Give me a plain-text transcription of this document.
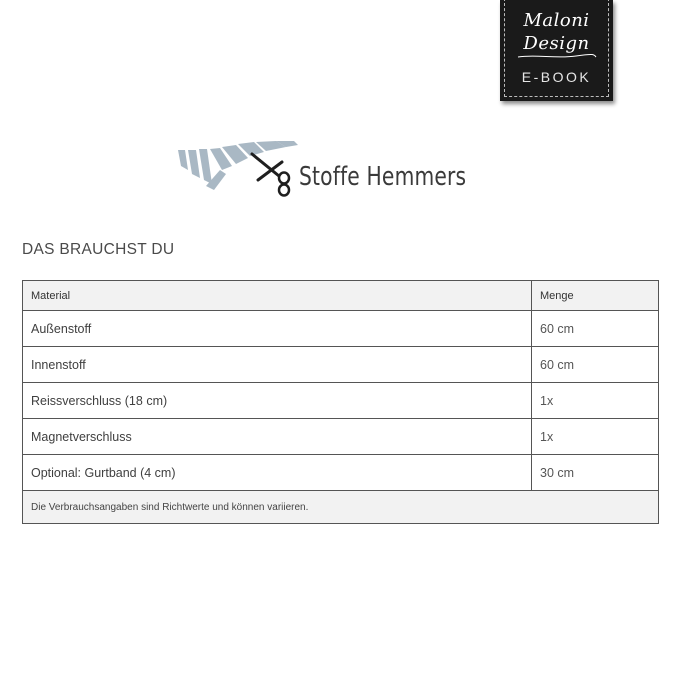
Maloni
Design
E-BOOK
Stoffe Hemmers
DAS BRAUCHST DU
Material	Menge
Außenstoff	60 cm
Innenstoff	60 cm
Reissverschluss (18 cm)	1x
Magnetverschluss	1x
Optional: Gurtband (4 cm)	30 cm
Die Verbrauchsangaben sind Richtwerte und können variieren.	
